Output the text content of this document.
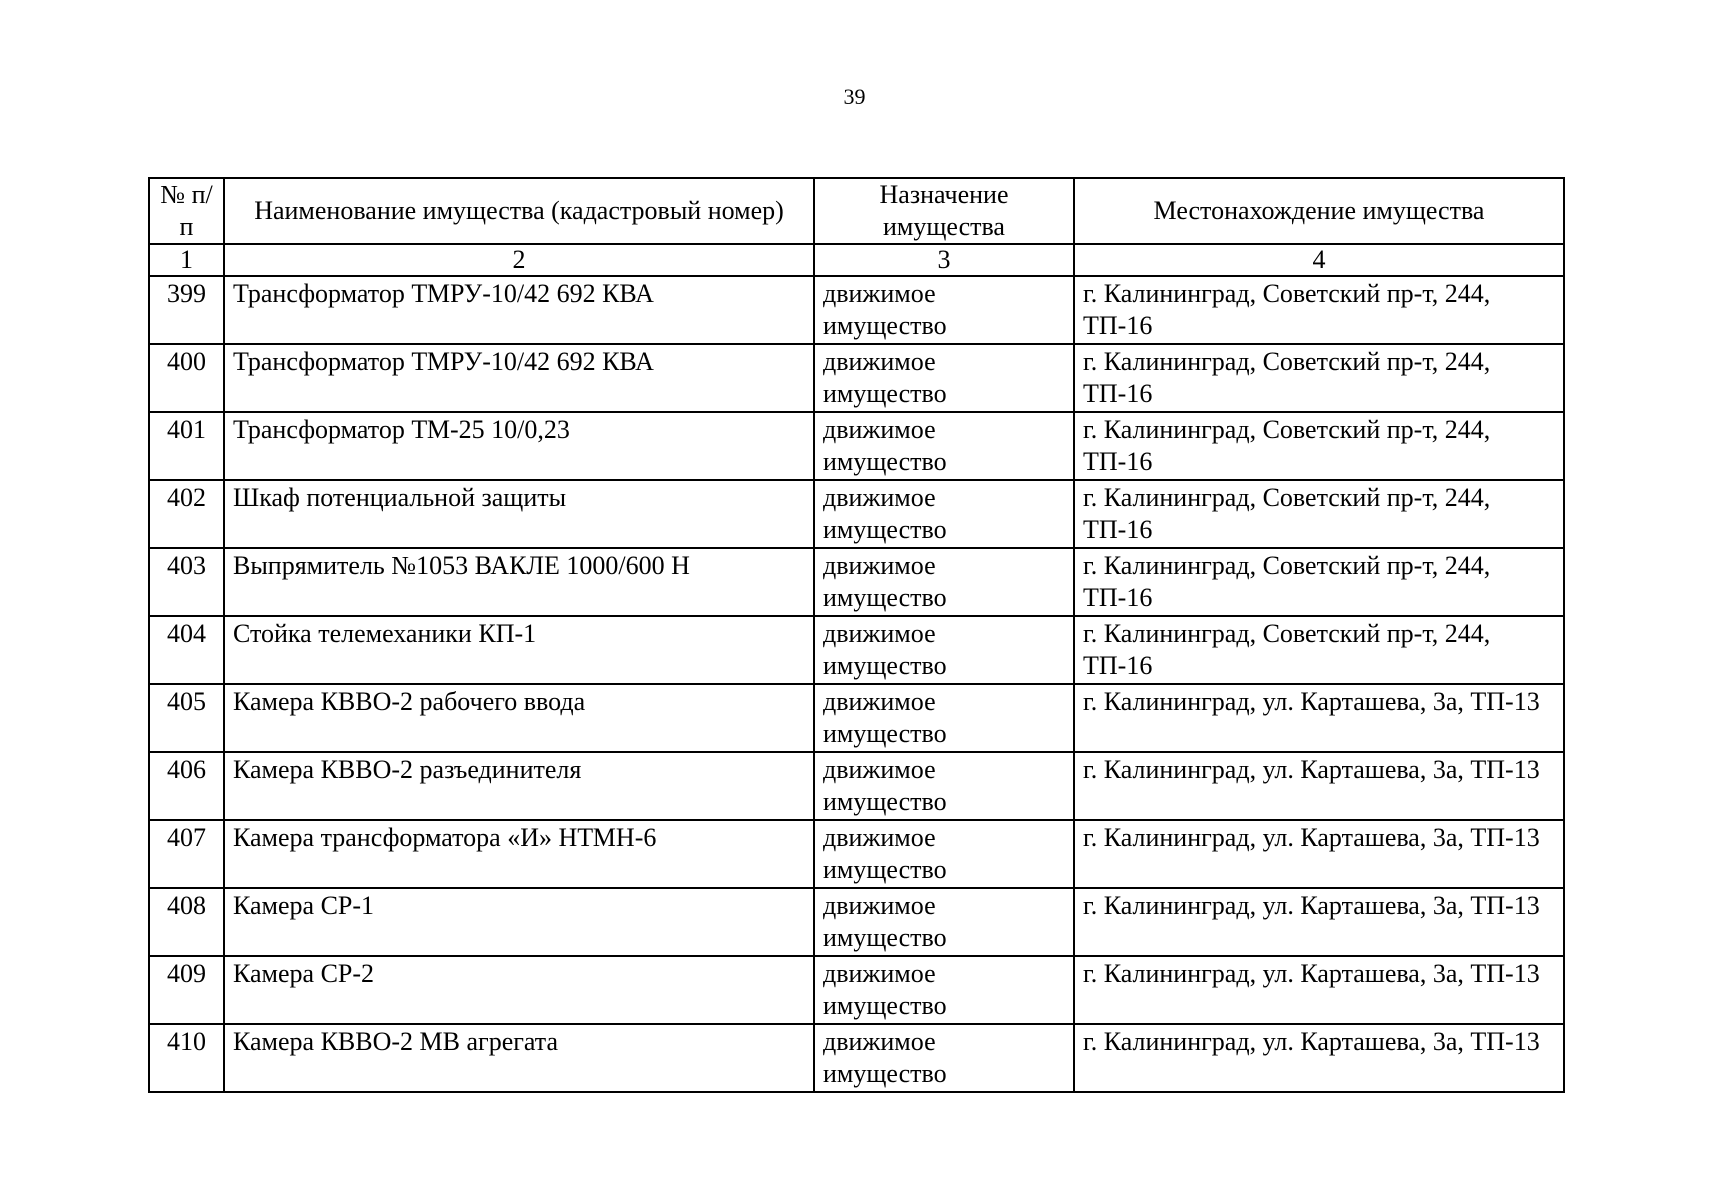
39
№ п/п	Наименование имущества (кадастровый номер)	Назначение имущества	Местонахождение имущества
1	2	3	4
399	Трансформатор ТМРУ-10/42 692 КВА	движимое имущество	г. Калининград, Советский пр-т, 244, ТП-16
400	Трансформатор ТМРУ-10/42 692 КВА	движимое имущество	г. Калининград, Советский пр-т, 244, ТП-16
401	Трансформатор ТМ-25 10/0,23	движимое имущество	г. Калининград, Советский пр-т, 244, ТП-16
402	Шкаф потенциальной защиты	движимое имущество	г. Калининград, Советский пр-т, 244, ТП-16
403	Выпрямитель №1053 ВАКЛЕ 1000/600 Н	движимое имущество	г. Калининград, Советский пр-т, 244, ТП-16
404	Стойка телемеханики КП-1	движимое имущество	г. Калининград, Советский пр-т, 244, ТП-16
405	Камера КВВО-2 рабочего ввода	движимое имущество	г. Калининград, ул. Карташева, 3а, ТП-13
406	Камера КВВО-2 разъединителя	движимое имущество	г. Калининград, ул. Карташева, 3а, ТП-13
407	Камера трансформатора «И» НТМН-6	движимое имущество	г. Калининград, ул. Карташева, 3а, ТП-13
408	Камера СР-1	движимое имущество	г. Калининград, ул. Карташева, 3а, ТП-13
409	Камера СР-2	движимое имущество	г. Калининград, ул. Карташева, 3а, ТП-13
410	Камера КВВО-2 МВ агрегата	движимое имущество	г. Калининград, ул. Карташева, 3а, ТП-13
